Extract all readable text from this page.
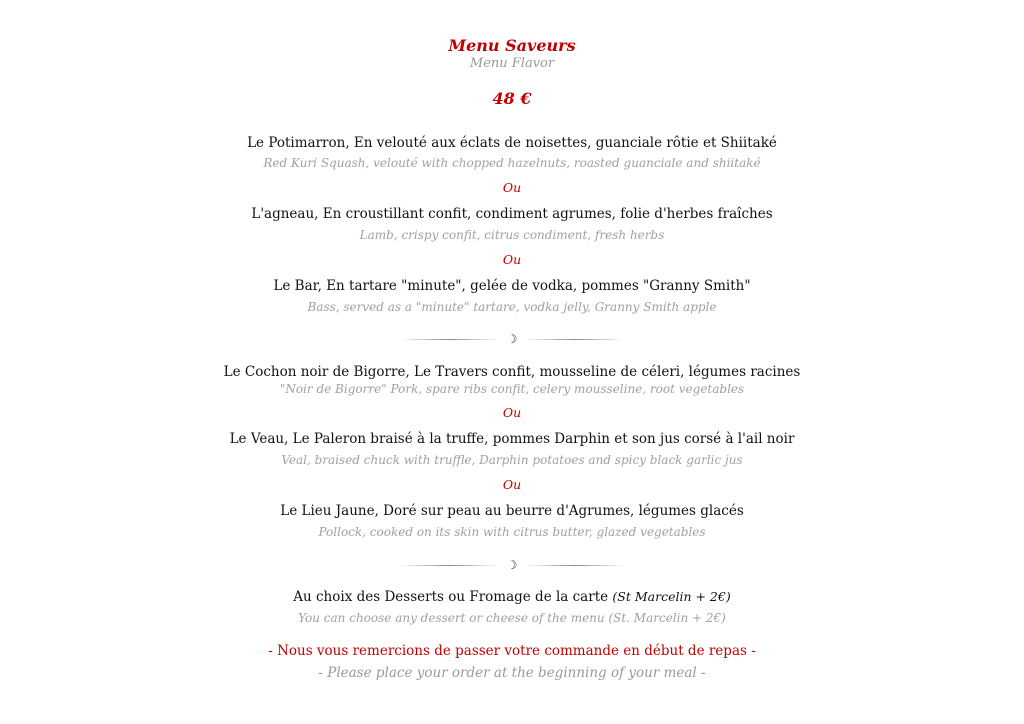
Menu Saveurs
Menu Flavor
48 €
Le Potimarron, En velouté aux éclats de noisettes, guanciale rôtie et Shiitaké
Red Kuri Squash, velouté with chopped hazelnuts, roasted guanciale and shiitaké
Ou
L'agneau, En croustillant confit, condiment agrumes, folie d'herbes fraîches
Lamb, crispy confit, citrus condiment, fresh herbs
Ou
Le Bar, En tartare "minute", gelée de vodka, pommes "Granny Smith"
Bass, served as a "minute" tartare, vodka jelly, Granny Smith apple
☽
Le Cochon noir de Bigorre, Le Travers confit, mousseline de céleri, légumes racines
"Noir de Bigorre" Pork, spare ribs confit, celery mousseline, root vegetables
Ou
Le Veau, Le Paleron braisé à la truffe, pommes Darphin et son jus corsé à l'ail noir
Veal, braised chuck with truffle, Darphin potatoes and spicy black garlic jus
Ou
Le Lieu Jaune, Doré sur peau au beurre d'Agrumes, légumes glacés
Pollock, cooked on its skin with citrus butter, glazed vegetables
☽
Au choix des Desserts ou Fromage de la carte (St Marcelin + 2€)
You can choose any dessert or cheese of the menu (St. Marcelin + 2€)
- Nous vous remercions de passer votre commande en début de repas -
- Please place your order at the beginning of your meal -
